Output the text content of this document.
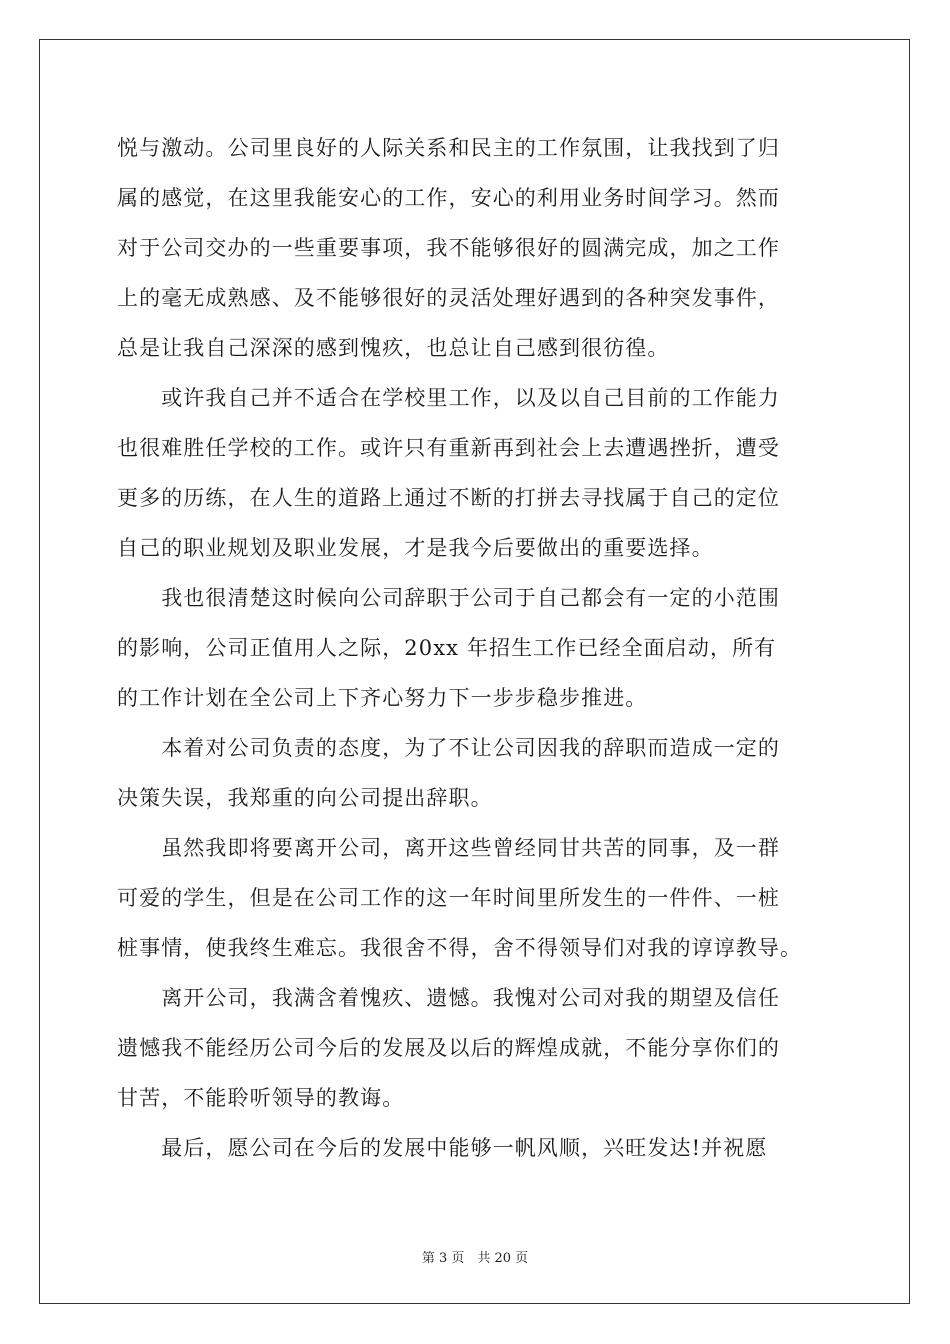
悦与激动。公司里良好的人际关系和民主的工作氛围，让我找到了归
属的感觉，在这里我能安心的工作，安心的利用业务时间学习。然而
对于公司交办的一些重要事项，我不能够很好的圆满完成，加之工作
上的毫无成熟感、及不能够很好的灵活处理好遇到的各种突发事件，
总是让我自己深深的感到愧疚，也总让自己感到很彷徨。
　　或许我自己并不适合在学校里工作，以及以自己目前的工作能力
也很难胜任学校的工作。或许只有重新再到社会上去遭遇挫折，遭受
更多的历练，在人生的道路上通过不断的打拼去寻找属于自己的定位
自己的职业规划及职业发展，才是我今后要做出的重要选择。
　　我也很清楚这时候向公司辞职于公司于自己都会有一定的小范围
的影响，公司正值用人之际，20xx 年招生工作已经全面启动，所有
的工作计划在全公司上下齐心努力下一步步稳步推进。
　　本着对公司负责的态度，为了不让公司因我的辞职而造成一定的
决策失误，我郑重的向公司提出辞职。
　　虽然我即将要离开公司，离开这些曾经同甘共苦的同事，及一群
可爱的学生，但是在公司工作的这一年时间里所发生的一件件、一桩
桩事情，使我终生难忘。我很舍不得，舍不得领导们对我的谆谆教导。
　　离开公司，我满含着愧疚、遗憾。我愧对公司对我的期望及信任
遗憾我不能经历公司今后的发展及以后的辉煌成就，不能分享你们的
甘苦，不能聆听领导的教诲。
　　最后，愿公司在今后的发展中能够一帆风顺，兴旺发达!并祝愿
第 3 页　共 20 页
